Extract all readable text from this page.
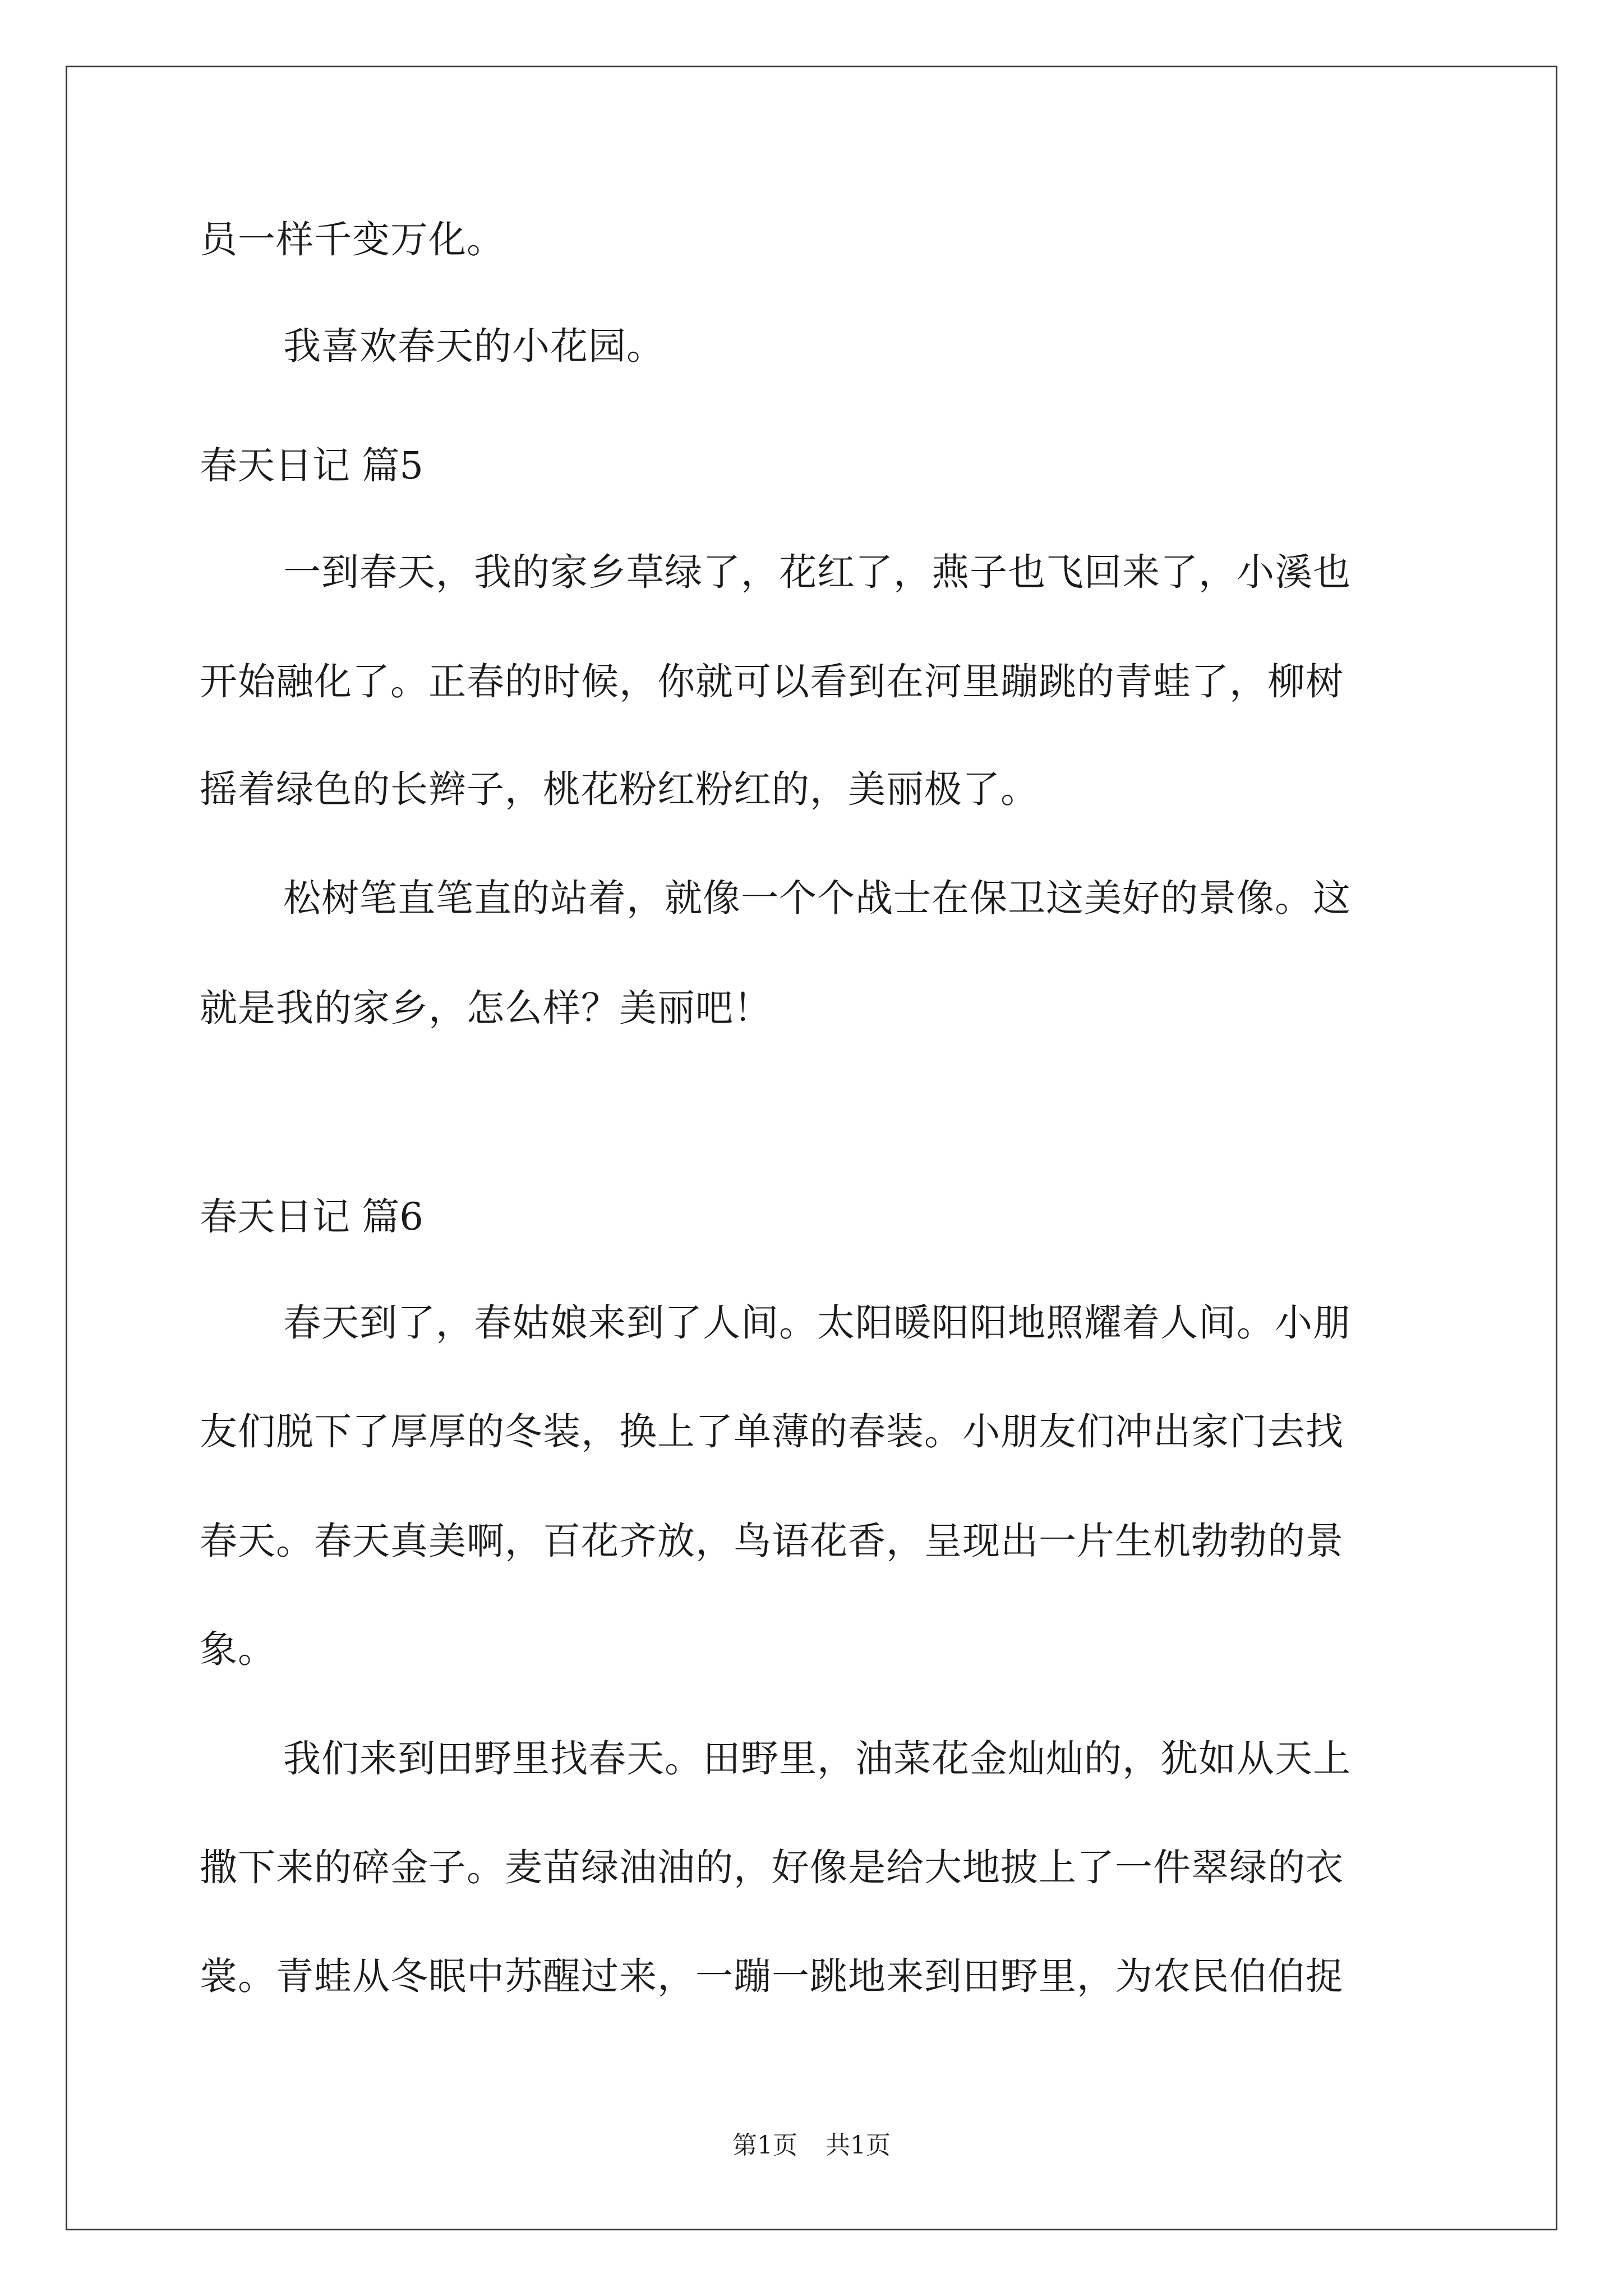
员一样千变万化。
我喜欢春天的小花园。
春天日记 篇5
一到春天，我的家乡草绿了，花红了，燕子也飞回来了，小溪也
开始融化了。正春的时候，你就可以看到在河里蹦跳的青蛙了，柳树
摇着绿色的长辫子，桃花粉红粉红的，美丽极了。
松树笔直笔直的站着，就像一个个战士在保卫这美好的景像。这
就是我的家乡，怎么样？美丽吧！
春天日记 篇6
春天到了，春姑娘来到了人间。太阳暖阳阳地照耀着人间。小朋
友们脱下了厚厚的冬装，换上了单薄的春装。小朋友们冲出家门去找
春天。春天真美啊，百花齐放，鸟语花香，呈现出一片生机勃勃的景
象。
我们来到田野里找春天。田野里，油菜花金灿灿的，犹如从天上
撒下来的碎金子。麦苗绿油油的，好像是给大地披上了一件翠绿的衣
裳。青蛙从冬眠中苏醒过来，一蹦一跳地来到田野里，为农民伯伯捉
第1页 共1页
